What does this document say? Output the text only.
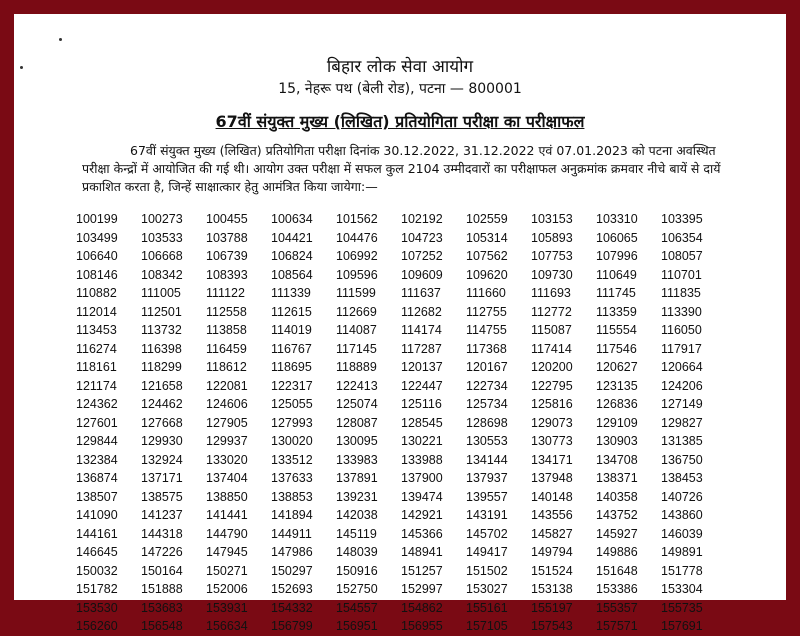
बिहार लोक सेवा आयोग
15, नेहरू पथ (बेली रोड), पटना — 800001
67वीं संयुक्त मुख्य (लिखित) प्रतियोगिता परीक्षा का परीक्षाफल
67वीं संयुक्त मुख्य (लिखित) प्रतियोगिता परीक्षा दिनांक 30.12.2022, 31.12.2022 एवं 07.01.2023 को पटना अवस्थित परीक्षा केन्द्रों में आयोजित की गई थी। आयोग उक्त परीक्षा में सफल कुल 2104 उम्मीदवारों का परीक्षाफल अनुक्रमांक क्रमवार नीचे बायें से दायें प्रकाशित करता है, जिन्हें साक्षात्कार हेतु आमंत्रित किया जायेगा:—
100199	100273	100455	100634	101562	102192	102559	103153	103310	103395
103499	103533	103788	104421	104476	104723	105314	105893	106065	106354
106640	106668	106739	106824	106992	107252	107562	107753	107996	108057
108146	108342	108393	108564	109596	109609	109620	109730	110649	110701
110882	111005	111122	111339	111599	111637	111660	111693	111745	111835
112014	112501	112558	112615	112669	112682	112755	112772	113359	113390
113453	113732	113858	114019	114087	114174	114755	115087	115554	116050
116274	116398	116459	116767	117145	117287	117368	117414	117546	117917
118161	118299	118612	118695	118889	120137	120167	120200	120627	120664
121174	121658	122081	122317	122413	122447	122734	122795	123135	124206
124362	124462	124606	125055	125074	125116	125734	125816	126836	127149
127601	127668	127905	127993	128087	128545	128698	129073	129109	129827
129844	129930	129937	130020	130095	130221	130553	130773	130903	131385
132384	132924	133020	133512	133983	133988	134144	134171	134708	136750
136874	137171	137404	137633	137891	137900	137937	137948	138371	138453
138507	138575	138850	138853	139231	139474	139557	140148	140358	140726
141090	141237	141441	141894	142038	142921	143191	143556	143752	143860
144161	144318	144790	144911	145119	145366	145702	145827	145927	146039
146645	147226	147945	147986	148039	148941	149417	149794	149886	149891
150032	150164	150271	150297	150916	151257	151502	151524	151648	151778
151782	151888	152006	152693	152750	152997	153027	153138	153386	153304
153530	153683	153931	154332	154557	154862	155161	155197	155357	155735
156260	156548	156634	156799	156951	156955	157105	157543	157571	157691
